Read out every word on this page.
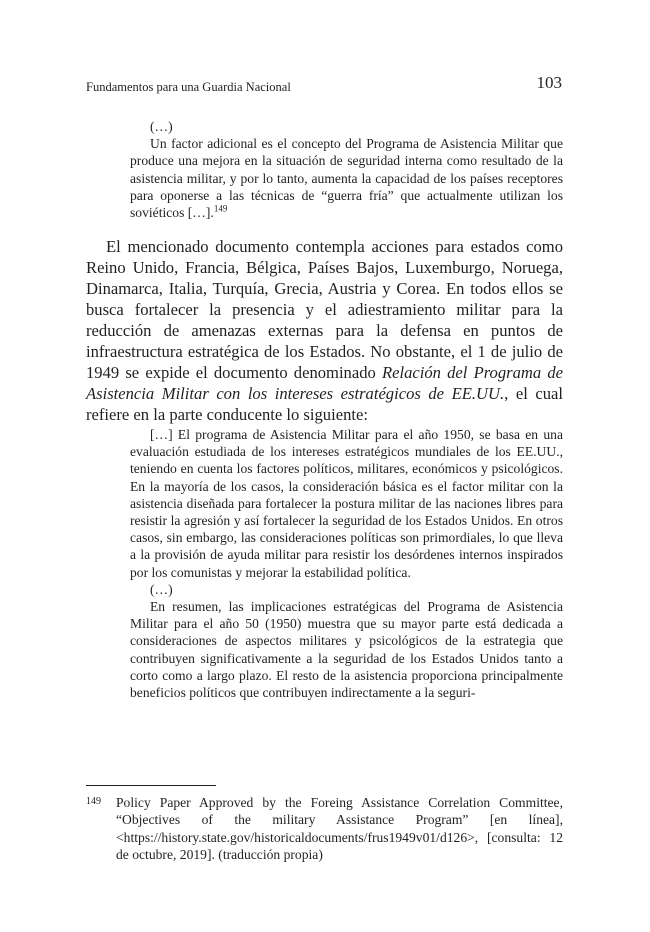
Fundamentos para una Guardia Nacional	103

(…)

Un factor adicional es el concepto del Programa de Asistencia Militar que produce una mejora en la situación de seguridad interna como resultado de la asistencia militar, y por lo tanto, aumenta la capacidad de los países receptores para oponerse a las técnicas de “guerra fría” que actualmente utilizan los soviéticos […].$^{149}$

El mencionado documento contempla acciones para estados como Reino Unido, Francia, Bélgica, Países Bajos, Luxemburgo, Noruega, Dinamarca, Italia, Turquía, Grecia, Austria y Corea. En todos ellos se busca fortalecer la presencia y el adiestramiento militar para la reducción de amenazas externas para la defensa en puntos de infraestructura estratégica de los Estados. No obstante, el 1 de julio de 1949 se expide el documento denominado Relación del Programa de Asistencia Militar con los intereses estratégicos de EE.UU., el cual refiere en la parte conducente lo siguiente:

[…] El programa de Asistencia Militar para el año 1950, se basa en una evaluación estudiada de los intereses estratégicos mundiales de los EE.UU., teniendo en cuenta los factores políticos, militares, económicos y psicológicos. En la mayoría de los casos, la consideración básica es el factor militar con la asistencia diseñada para fortalecer la postura militar de las naciones libres para resistir la agresión y así fortalecer la seguridad de los Estados Unidos. En otros casos, sin embargo, las consideraciones políticas son primordiales, lo que lleva a la provisión de ayuda militar para resistir los desórdenes internos inspirados por los comunistas y mejorar la estabilidad política.

(…)

En resumen, las implicaciones estratégicas del Programa de Asistencia Militar para el año 50 (1950) muestra que su mayor parte está dedicada a consideraciones de aspectos militares y psicológicos de la estrategia que contribuyen significativamente a la seguridad de los Estados Unidos tanto a corto como a largo plazo. El resto de la asistencia proporciona principalmente beneficios políticos que contribuyen indirectamente a la seguri-

149 Policy Paper Approved by the Foreing Assistance Correlation Committee, “Objectives of the military Assistance Program” [en línea], <https://history.state.gov/historicaldocuments/frus1949v01/d126>, [consulta: 12 de octubre, 2019]. (traducción propia)
